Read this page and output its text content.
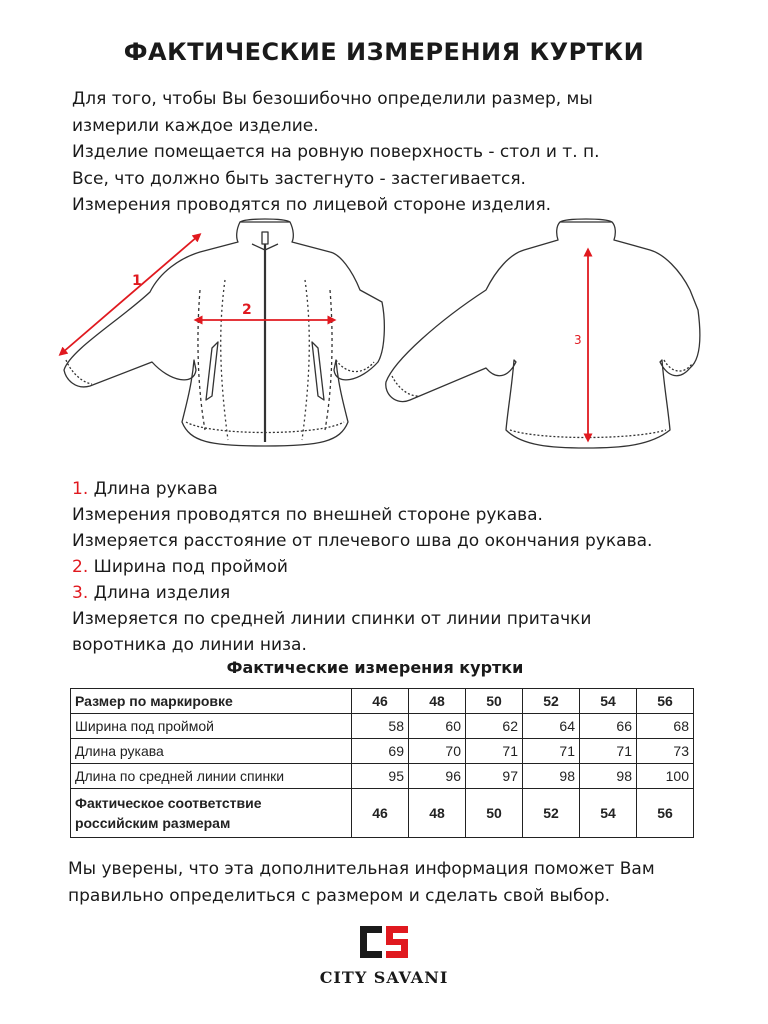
ФАКТИЧЕСКИЕ ИЗМЕРЕНИЯ КУРТКИ
Для того, чтобы Вы безошибочно определили размер, мы
измерили каждое изделие.
Изделие помещается на ровную поверхность - стол и т. п.
Все, что должно быть застегнуто - застегивается.
Измерения проводятся по лицевой стороне изделия.
1
2
3
1. Длина рукава
Измерения проводятся по внешней стороне рукава.
Измеряется расстояние от плечевого шва до окончания рукава.
2. Ширина под проймой
3. Длина изделия
Измеряется по средней линии спинки от линии притачки
воротника до линии низа.
Фактические измерения куртки
Размер по маркировке	46	48	50	52	54	56
Ширина под проймой	58	60	62	64	66	68
Длина рукава	69	70	71	71	71	73
Длина по средней линии спинки	95	96	97	98	98	100
Фактическое соответствие
российским размерам	46	48	50	52	54	56
Мы уверены, что эта дополнительная информация поможет Вам
правильно определиться с размером и сделать свой выбор.
CITY SAVANI
